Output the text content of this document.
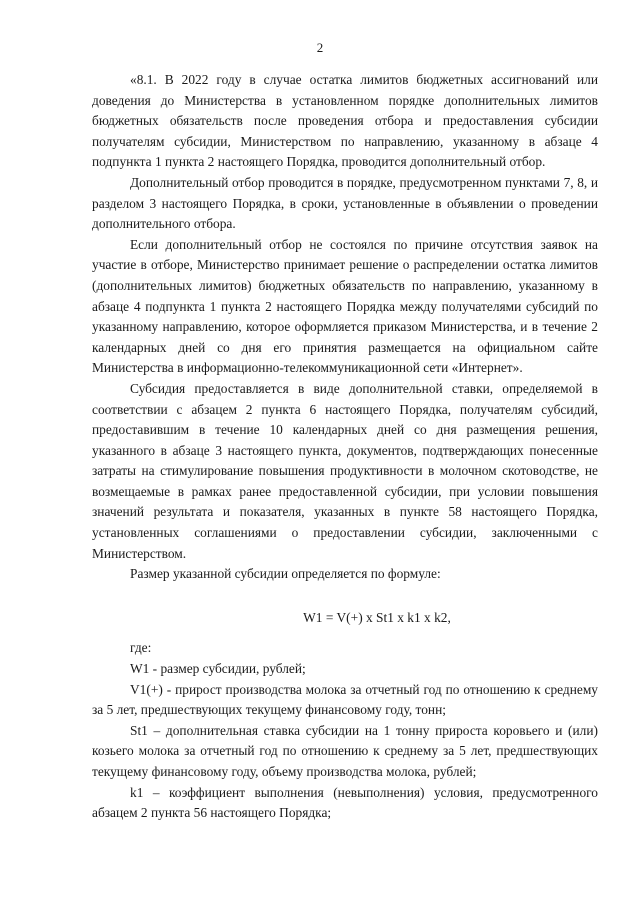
2

«8.1. В 2022 году в случае остатка лимитов бюджетных ассигнований или доведения до Министерства в установленном порядке дополнительных лимитов бюджетных обязательств после проведения отбора и предоставления субсидии получателям субсидии, Министерством по направлению, указанному в абзаце 4 подпункта 1 пункта 2 настоящего Порядка, проводится дополнительный отбор.

Дополнительный отбор проводится в порядке, предусмотренном пунктами 7, 8, и разделом 3 настоящего Порядка, в сроки, установленные в объявлении о проведении дополнительного отбора.

Если дополнительный отбор не состоялся по причине отсутствия заявок на участие в отборе, Министерство принимает решение о распределении остатка лимитов (дополнительных лимитов) бюджетных обязательств по направлению, указанному в абзаце 4 подпункта 1 пункта 2 настоящего Порядка между получателями субсидий по указанному направлению, которое оформляется приказом Министерства, и в течение 2 календарных дней со дня его принятия размещается на официальном сайте Министерства в информационно-телекоммуникационной сети «Интернет».

Субсидия предоставляется в виде дополнительной ставки, определяемой в соответствии с абзацем 2 пункта 6 настоящего Порядка, получателям субсидий, предоставившим в течение 10 календарных дней со дня размещения решения, указанного в абзаце 3 настоящего пункта, документов, подтверждающих понесенные затраты на стимулирование повышения продуктивности в молочном скотоводстве, не возмещаемые в рамках ранее предоставленной субсидии, при условии повышения значений результата и показателя, указанных в пункте 58 настоящего Порядка, установленных соглашениями о предоставлении субсидии, заключенными с Министерством.

Размер указанной субсидии определяется по формуле:

W1 = V(+) x St1 x k1 x k2,

где:

W1 - размер субсидии, рублей;

V1(+) - прирост производства молока за отчетный год по отношению к среднему за 5 лет, предшествующих текущему финансовому году, тонн;

St1 – дополнительная ставка субсидии на 1 тонну прироста коровьего и (или) козьего молока за отчетный год по отношению к среднему за 5 лет, предшествующих текущему финансовому году, объему производства молока, рублей;

k1 – коэффициент выполнения (невыполнения) условия, предусмотренного абзацем 2 пункта 56 настоящего Порядка;
